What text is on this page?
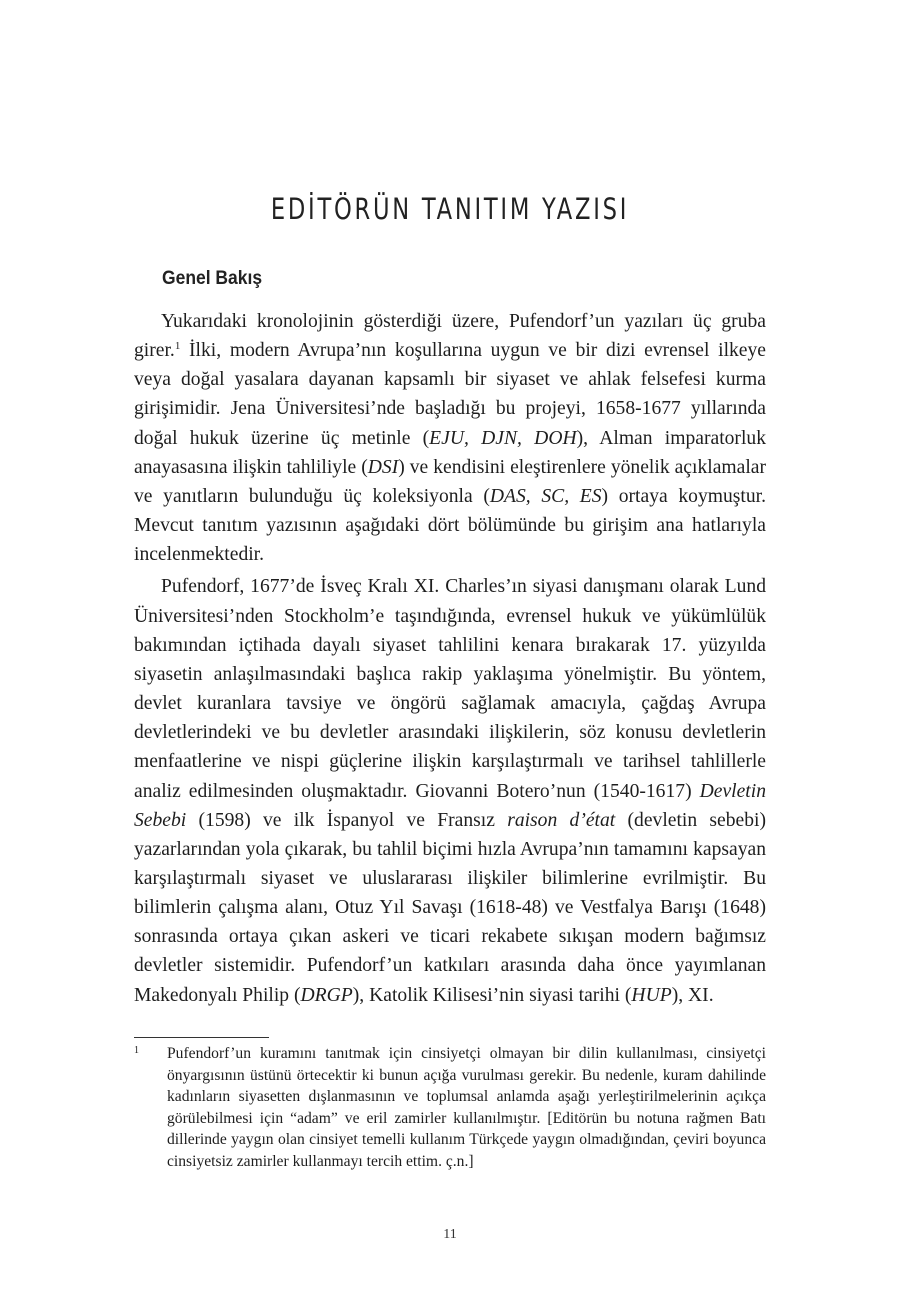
EDİTÖRÜN TANITIM YAZISI
Genel Bakış

Yukarıdaki kronolojinin gösterdiği üzere, Pufendorf’un yazıları üç gruba girer.$^1$ İlki, modern Avrupa’nın koşullarına uygun ve bir dizi evrensel ilkeye veya doğal yasalara dayanan kapsamlı bir siyaset ve ahlak felsefesi kurma girişimidir. Jena Üniversitesi’nde başladığı bu projeyi, 1658-1677 yıllarında doğal hukuk üzerine üç metinle (EJU, DJN, DOH), Alman imparatorluk anayasasına ilişkin tahliliyle (DSI) ve kendisini eleştirenlere yönelik açıklamalar ve yanıtların bulunduğu üç koleksiyonla (DAS, SC, ES) ortaya koymuştur. Mevcut tanıtım yazısının aşağıdaki dört bölümünde bu girişim ana hatlarıyla incelenmektedir.

Pufendorf, 1677’de İsveç Kralı XI. Charles’ın siyasi danışmanı olarak Lund Üniversitesi’nden Stockholm’e taşındığında, evrensel hukuk ve yükümlülük bakımından içtihada dayalı siyaset tahlilini kenara bırakarak 17. yüzyılda siyasetin anlaşılmasındaki başlıca rakip yaklaşıma yönelmiştir. Bu yöntem, devlet kuranlara tavsiye ve öngörü sağlamak amacıyla, çağdaş Avrupa devletlerindeki ve bu devletler arasındaki ilişkilerin, söz konusu devletlerin menfaatlerine ve nispi güçlerine ilişkin karşılaştırmalı ve tarihsel tahlillerle analiz edilmesinden oluşmaktadır. Giovanni Botero’nun (1540-1617) Devletin Sebebi (1598) ve ilk İspanyol ve Fransız raison d’état (devletin sebebi) yazarlarından yola çıkarak, bu tahlil biçimi hızla Avrupa’nın tamamını kapsayan karşılaştırmalı siyaset ve uluslararası ilişkiler bilimlerine evrilmiştir. Bu bilimlerin çalışma alanı, Otuz Yıl Savaşı (1618-48) ve Vestfalya Barışı (1648) sonrasında ortaya çıkan askeri ve ticari rekabete sıkışan modern bağımsız devletler sistemidir. Pufendorf’un katkıları arasında daha önce yayımlanan Makedonyalı Philip (DRGP), Katolik Kilisesi’nin siyasi tarihi (HUP), XI.

1 Pufendorf’un kuramını tanıtmak için cinsiyetçi olmayan bir dilin kullanılması, cinsiyetçi önyargısının üstünü örtecektir ki bunun açığa vurulması gerekir. Bu nedenle, kuram dahilinde kadınların siyasetten dışlanmasının ve toplumsal anlamda aşağı yerleştirilmelerinin açıkça görülebilmesi için “adam” ve eril zamirler kullanılmıştır. [Editörün bu notuna rağmen Batı dillerinde yaygın olan cinsiyet temelli kullanım Türkçede yaygın olmadığından, çeviri boyunca cinsiyetsiz zamirler kullanmayı tercih ettim. ç.n.]
11
